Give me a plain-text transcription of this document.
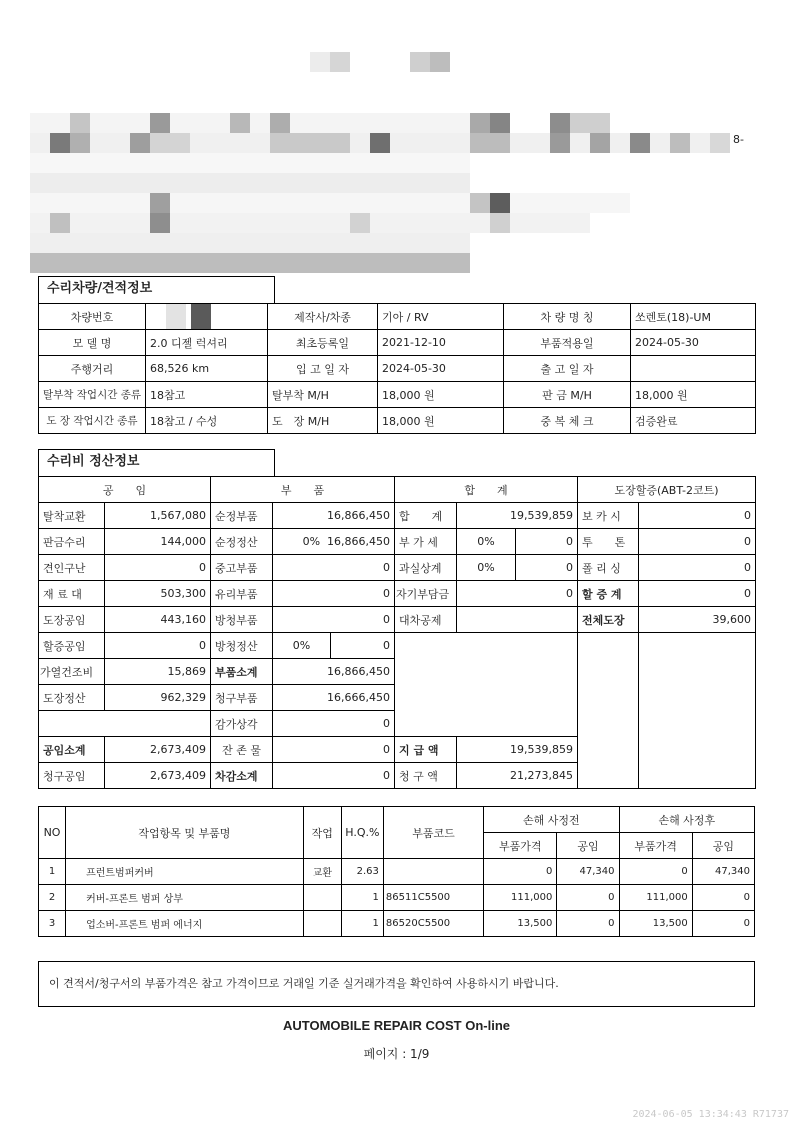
8-
수리차량/견적정보
차량번호		제작사/차종	기아 / RV	차 량 명 칭	쏘렌토(18)-UM
모 델 명	2.0 디젤 럭셔리	최초등록일	2021-12-10	부품적용일	2024-05-30
주행거리	68,526 km	입 고 일 자	2024-05-30	출 고 일 자	
탈부착 작업시간 종류	18참고	탈부착 M/H	18,000 원	판 금 M/H	18,000 원
도 장 작업시간 종류	18참고 / 수성	도　장 M/H	18,000 원	중 복 체 크	검증완료
수리비 정산정보
공　　임		부　　품			합　　계			도장할증(ABT-2코트)	
탈착교환	1,567,080	순정부품	16,866,450		합　　계	19,539,859		보 카 시	0
판금수리	144,000	순정정산	0% 16,866,450		부 가 세	0%	0	투　　톤	0
견인구난	0	중고부품	0		과실상계	0%	0	폴 리 싱	0
재 료 대	503,300	유리부품	0		자기부담금	0		할 증 계	0
도장공임	443,160	방청부품	0		대차공제			전체도장	39,600
할증공임	0	방청정산	0%	0					
가열건조비	15,869	부품소계	16,866,450						
도장정산	962,329	청구부품	16,666,450						
		감가상각	0						
공임소계	2,673,409	잔 존 물	0		지 급 액	19,539,859			
청구공임	2,673,409	차감소계	0		청 구 액	21,273,845			
NO	작업항목 및 부품명	작업	H.Q.%	부품코드	손해 사정전		손해 사정후	
					부품가격	공임	부품가격	공임
1	프런트범퍼커버	교환	2.63		0	47,340	0	47,340
2	커버-프론트 범퍼 상부		1	86511C5500	111,000	0	111,000	0
3	업소버-프론트 범퍼 에너지		1	86520C5500	13,500	0	13,500	0
이 견적서/청구서의 부품가격은 참고 가격이므로 거래일 기준 실거래가격을 확인하여 사용하시기 바랍니다.
AUTOMOBILE REPAIR COST On-line
페이지 : 1/9
2024-06-05 13:34:43 R71737
